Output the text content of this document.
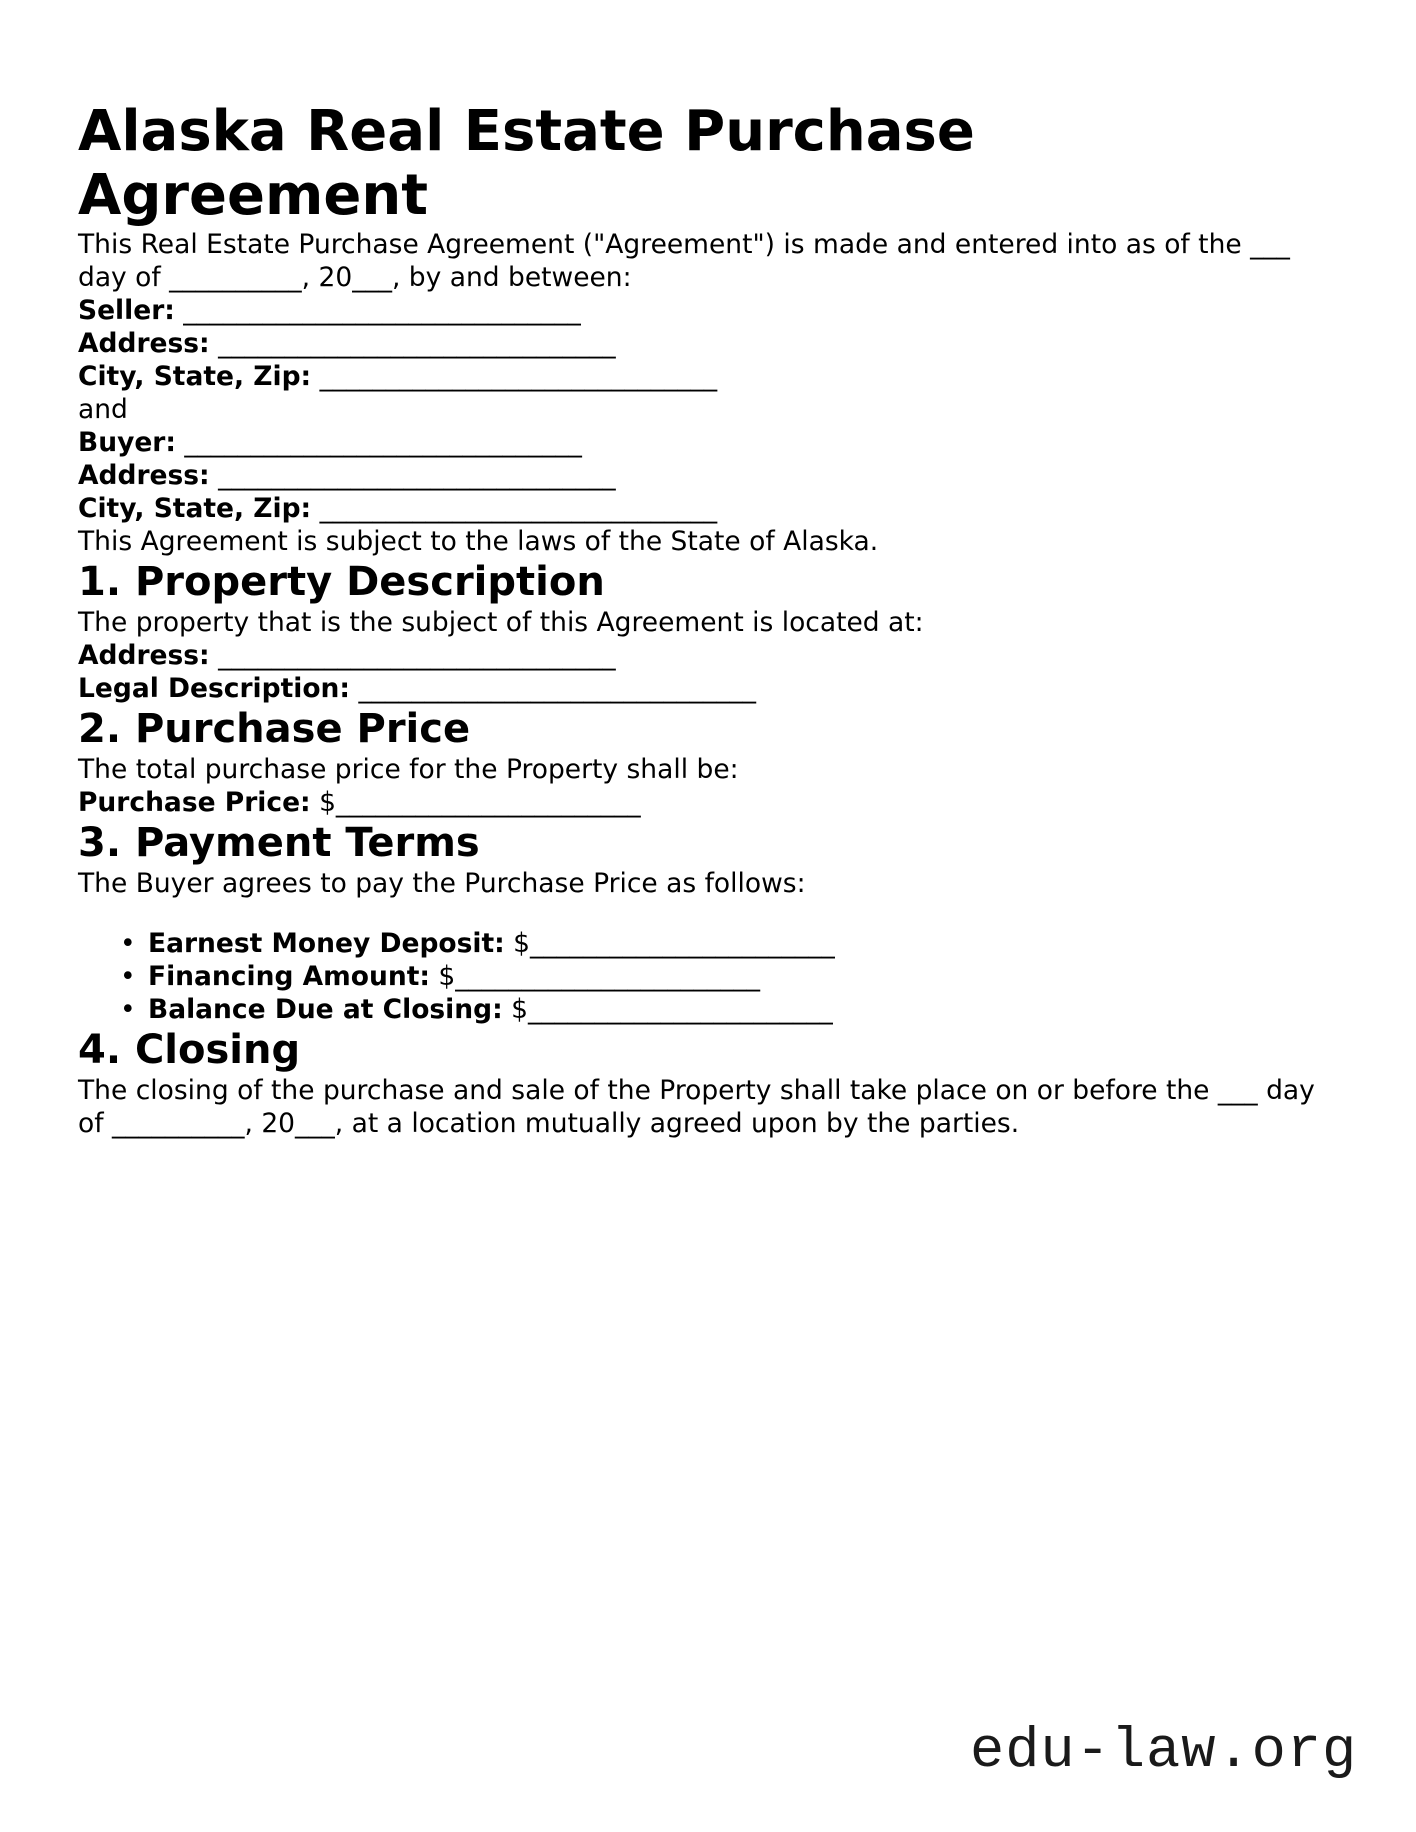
Alaska Real Estate Purchase Agreement

This Real Estate Purchase Agreement ("Agreement") is made and entered into as of the ___ day of __________, 20___, by and between:

Seller: ______________________________

Address: ______________________________

City, State, Zip: ______________________________

and

Buyer: ______________________________

Address: ______________________________

City, State, Zip: ______________________________

This Agreement is subject to the laws of the State of Alaska.

1. Property Description

The property that is the subject of this Agreement is located at:

Address: ______________________________

Legal Description: ______________________________

2. Purchase Price

The total purchase price for the Property shall be:

Purchase Price: $_______________________

3. Payment Terms

The Buyer agrees to pay the Purchase Price as follows:

• Earnest Money Deposit: $_______________________
• Financing Amount: $_______________________
• Balance Due at Closing: $_______________________
4. Closing

The closing of the purchase and sale of the Property shall take place on or before the ___ day of __________, 20___, at a location mutually agreed upon by the parties.

edu-law.org
